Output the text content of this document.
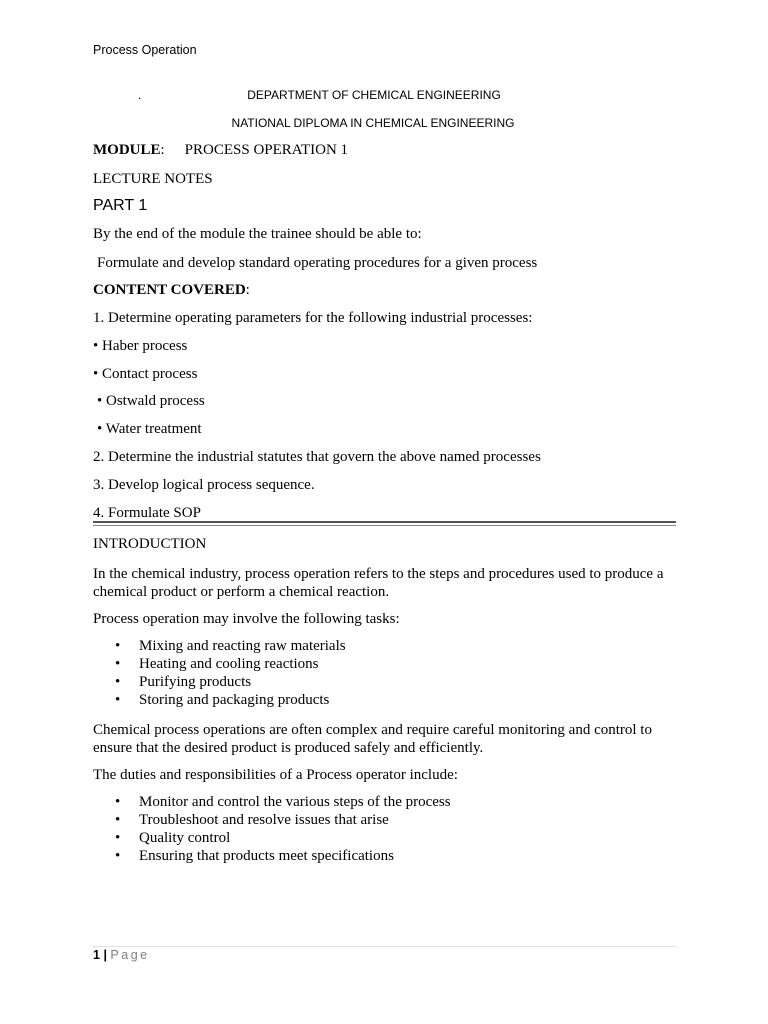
Process Operation
.	DEPARTMENT OF CHEMICAL ENGINEERING
NATIONAL DIPLOMA IN CHEMICAL ENGINEERING
MODULE: PROCESS OPERATION 1
LECTURE NOTES
PART 1
By the end of the module the trainee should be able to:
Formulate and develop standard operating procedures for a given process
CONTENT COVERED:
1. Determine operating parameters for the following industrial processes:
• Haber process
• Contact process
• Ostwald process
• Water treatment
2. Determine the industrial statutes that govern the above named processes
3. Develop logical process sequence.
4. Formulate SOP
INTRODUCTION
In the chemical industry, process operation refers to the steps and procedures used to produce a chemical product or perform a chemical reaction.
Process operation may involve the following tasks:
• Mixing and reacting raw materials
• Heating and cooling reactions
• Purifying products
• Storing and packaging products
Chemical process operations are often complex and require careful monitoring and control to ensure that the desired product is produced safely and efficiently.
The duties and responsibilities of a Process operator include:
• Monitor and control the various steps of the process
• Troubleshoot and resolve issues that arise
• Quality control
• Ensuring that products meet specifications
1 | Page
